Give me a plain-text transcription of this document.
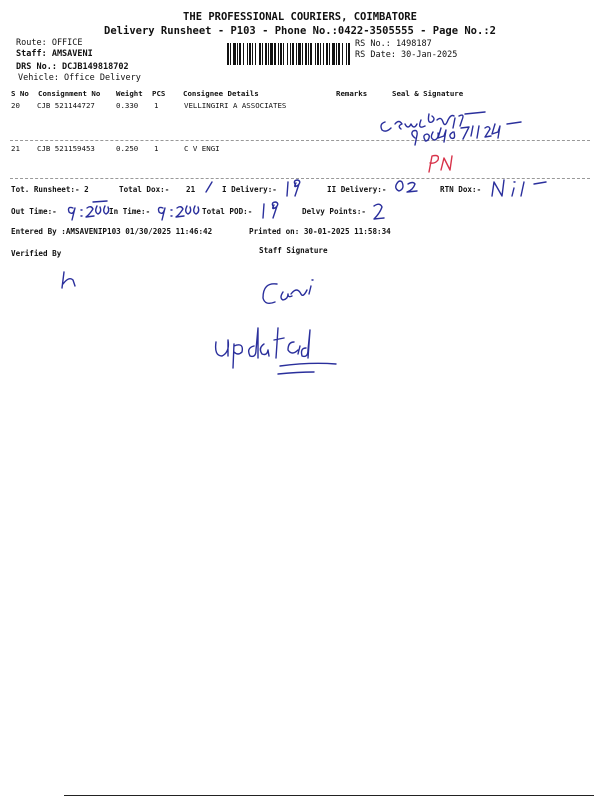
THE PROFESSIONAL COURIERS, COIMBATORE
Delivery Runsheet - P103 - Phone No.:0422-3505555 - Page No.:2
Route: OFFICE
Staff: AMSAVENI
RS No.: 1498187
RS Date: 30-Jan-2025
DRS No.: DCJB149818702
Vehicle: Office Delivery
S No Consignment No Weight PCS Consignee Details	Remarks	Seal & Signature
20 CJB 521144727	0.330 1	VELLINGIRI A ASSOCIATES
21 CJB 521159453	0.250 1	C V ENGI
Tot. Runsheet:- 2	Total Dox:- 21	I Delivery:-	II Delivery:-	RTN Dox:-
Out Time:-	In Time:-	Total POD:-	Delvy Points:-
Entered By :AMSAVENIP103 01/30/2025 11:46:42	Printed on: 30-01-2025 11:58:34
Verified By	Staff Signature
